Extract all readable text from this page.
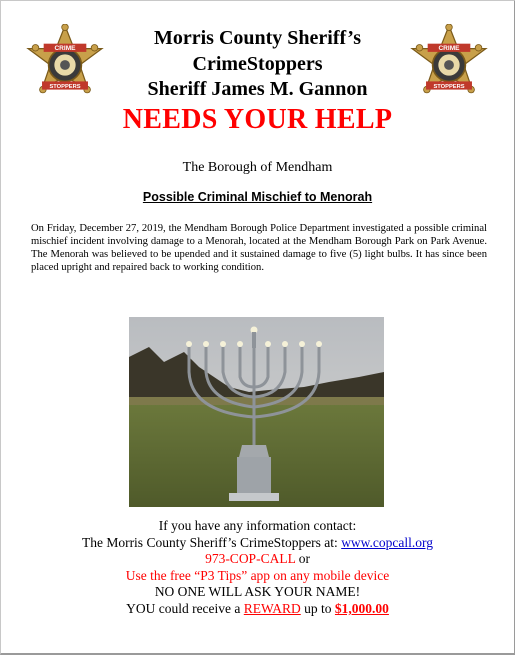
CRIME
STOPPERS
CRIME
STOPPERS
Morris County Sheriff’s
CrimeStoppers
Sheriff James M. Gannon
NEEDS YOUR HELP
The Borough of Mendham
Possible Criminal Mischief to Menorah
On Friday, December 27, 2019, the Mendham Borough Police Department investigated a possible criminal mischief incident involving damage to a Menorah, located at the Mendham Borough Park on Park Avenue. The Menorah was believed to be upended and it sustained damage to five (5) light bulbs. It has since been placed upright and repaired back to working condition.
If you have any information contact:
The Morris County Sheriff’s CrimeStoppers at: www.copcall.org
973-COP-CALL or
Use the free “P3 Tips” app on any mobile device
NO ONE WILL ASK YOUR NAME!
YOU could receive a REWARD up to $1,000.00
